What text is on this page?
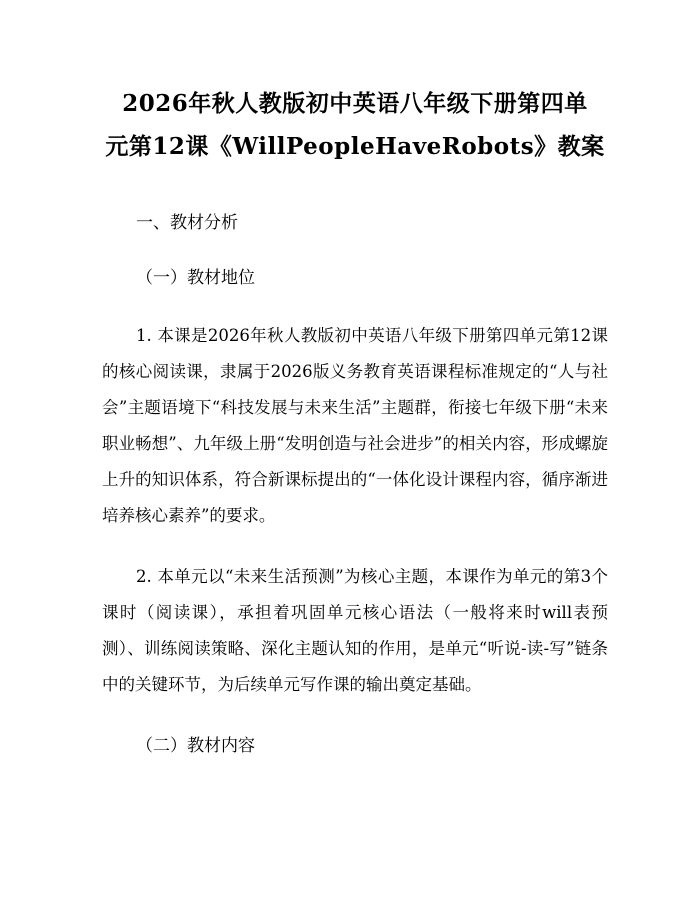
2026年秋人教版初中英语八年级下册第四单
元第12课《WillPeopleHaveRobots》教案

一、教材分析

（一）教材地位

1. 本课是2026年秋人教版初中英语八年级下册第四单元第12课的核心阅读课，隶属于2026版义务教育英语课程标准规定的“人与社会”主题语境下“科技发展与未来生活”主题群，衔接七年级下册“未来职业畅想”、九年级上册“发明创造与社会进步”的相关内容，形成螺旋上升的知识体系，符合新课标提出的“一体化设计课程内容，循序渐进培养核心素养”的要求。

2. 本单元以“未来生活预测”为核心主题，本课作为单元的第3个课时（阅读课），承担着巩固单元核心语法（一般将来时will表预测）、训练阅读策略、深化主题认知的作用，是单元“听说-读-写”链条中的关键环节，为后续单元写作课的输出奠定基础。

（二）教材内容
